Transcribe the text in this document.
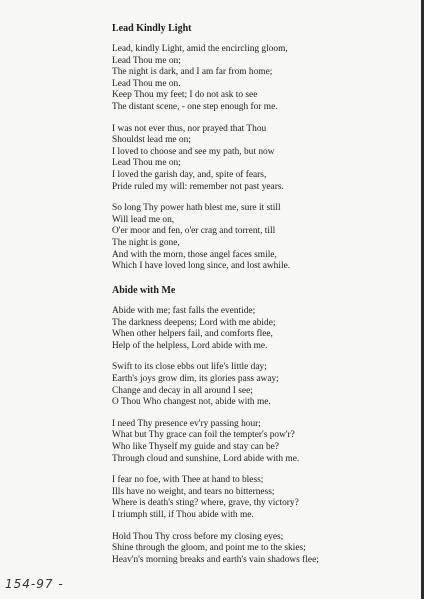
Lead Kindly Light
Lead, kindly Light, amid the encircling gloom,
Lead Thou me on;
The night is dark, and I am far from home;
Lead Thou me on.
Keep Thou my feet; I do not ask to see
The distant scene, - one step enough for me.
I was not ever thus, nor prayed that Thou
Shouldst lead me on;
I loved to choose and see my path, but now
Lead Thou me on;
I loved the garish day, and, spite of fears,
Pride ruled my will: remember not past years.
So long Thy power hath blest me, sure it still
Will lead me on,
O'er moor and fen, o'er crag and torrent, till
The night is gone,
And with the morn, those angel faces smile,
Which I have loved long since, and lost awhile.
Abide with Me
Abide with me; fast falls the eventide;
The darkness deepens; Lord with me abide;
When other helpers fail, and comforts flee,
Help of the helpless, Lord abide with me.
Swift to its close ebbs out life's little day;
Earth's joys grow dim, its glories pass away;
Change and decay in all around I see;
O Thou Who changest not, abide with me.
I need Thy presence ev'ry passing hour;
What but Thy grace can foil the tempter's pow'r?
Who like Thyself my guide and stay can be?
Through cloud and sunshine, Lord abide with me.
I fear no foe, with Thee at hand to bless;
Ills have no weight, and tears no bitterness;
Where is death's sting? where, grave, thy victory?
I triumph still, if Thou abide with me.
Hold Thou Thy cross before my closing eyes;
Shine through the gloom, and point me to the skies;
Heav'n's morning breaks and earth's vain shadows flee;
154-97 -
